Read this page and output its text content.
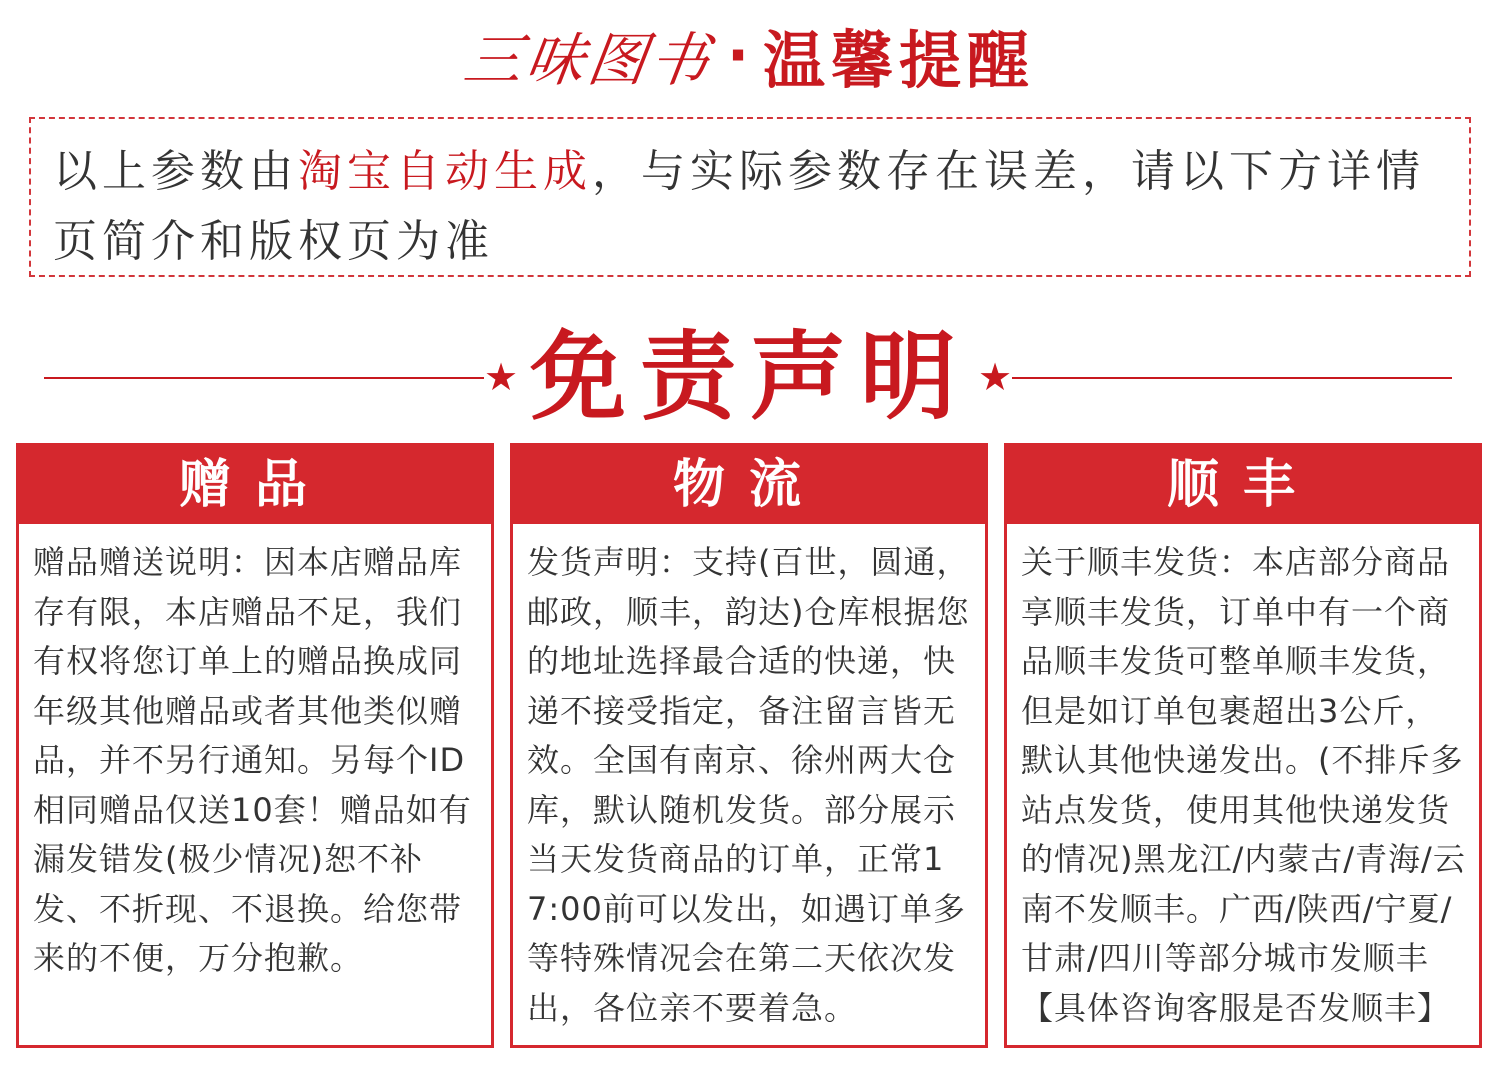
三味图书 · 温馨提醒
以上参数由淘宝自动生成，与实际参数存在误差，请以下方详情页简介和版权页为准
★ 免责声明 ★
赠品
赠品赠送说明：因本店赠品库存有限，本店赠品不足，我们有权将您订单上的赠品换成同年级其他赠品或者其他类似赠品，并不另行通知。另每个ID相同赠品仅送10套！赠品如有漏发错发(极少情况)恕不补发、不折现、不退换。给您带来的不便，万分抱歉。
物流
发货声明：支持(百世，圆通，邮政，顺丰，韵达)仓库根据您的地址选择最合适的快递，快递不接受指定，备注留言皆无效。全国有南京、徐州两大仓库，默认随机发货。部分展示当天发货商品的订单，正常17:00前可以发出，如遇订单多等特殊情况会在第二天依次发出，各位亲不要着急。
顺丰
关于顺丰发货：本店部分商品享顺丰发货，订单中有一个商品顺丰发货可整单顺丰发货，但是如订单包裹超出3公斤，默认其他快递发出。(不排斥多站点发货，使用其他快递发货的情况)黑龙江/内蒙古/青海/云南不发顺丰。广西/陕西/宁夏/甘肃/四川等部分城市发顺丰【具体咨询客服是否发顺丰】
